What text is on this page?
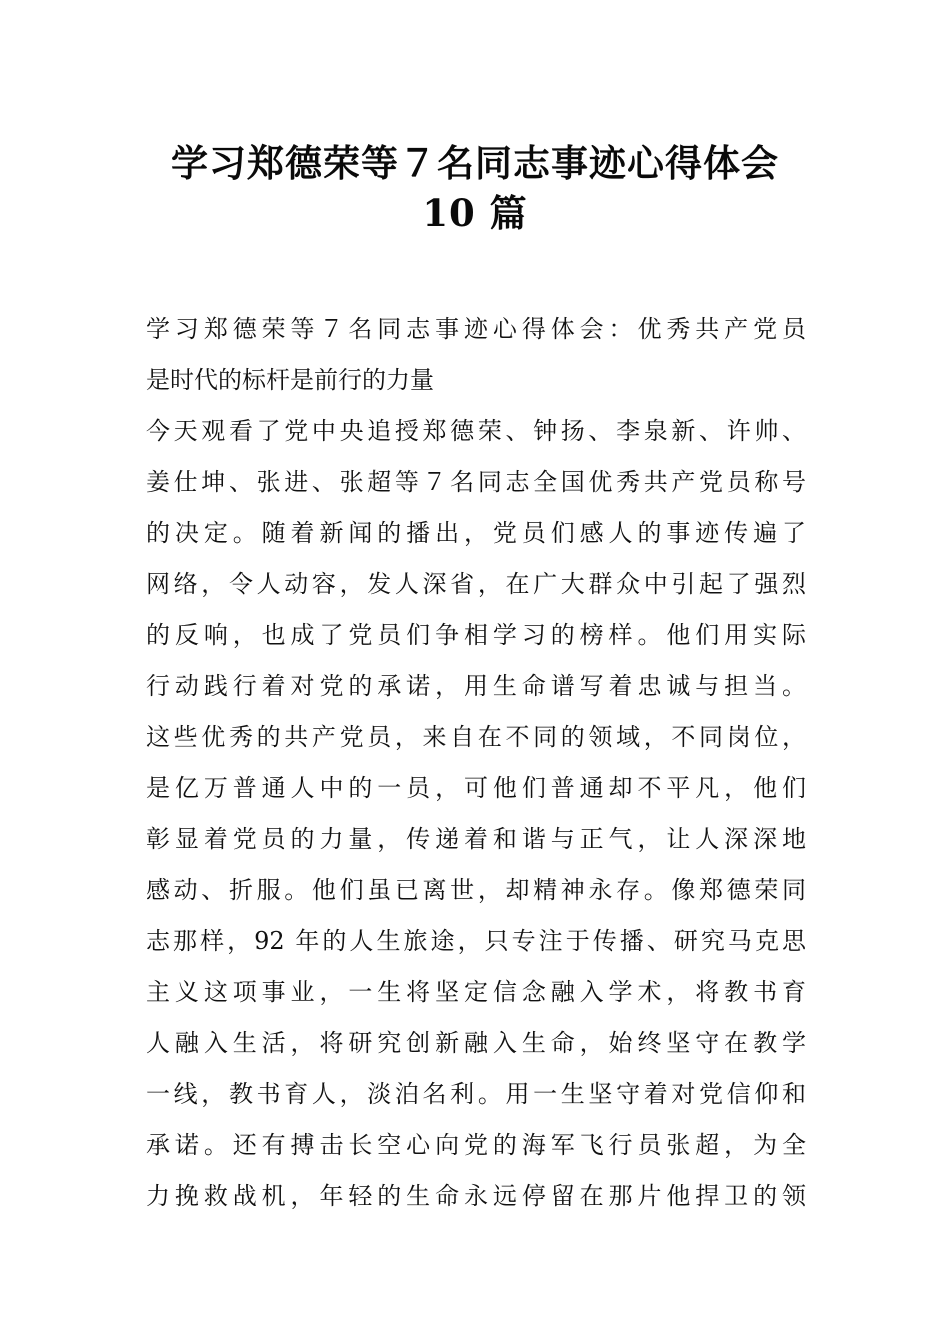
学习郑德荣等７名同志事迹心得体会
10 篇
学习郑德荣等７名同志事迹心得体会：优秀共产党员
是时代的标杆是前行的力量
今天观看了党中央追授郑德荣、钟扬、李泉新、许帅、
姜仕坤、张进、张超等７名同志全国优秀共产党员称号
的决定。随着新闻的播出，党员们感人的事迹传遍了
网络，令人动容，发人深省，在广大群众中引起了强烈
的反响，也成了党员们争相学习的榜样。他们用实际
行动践行着对党的承诺，用生命谱写着忠诚与担当。
这些优秀的共产党员，来自在不同的领域，不同岗位，
是亿万普通人中的一员，可他们普通却不平凡，他们
彰显着党员的力量，传递着和谐与正气，让人深深地
感动、折服。他们虽已离世，却精神永存。像郑德荣同
志那样，92 年的人生旅途，只专注于传播、研究马克思
主义这项事业，一生将坚定信念融入学术，将教书育
人融入生活，将研究创新融入生命，始终坚守在教学
一线，教书育人，淡泊名利。用一生坚守着对党信仰和
承诺。还有搏击长空心向党的海军飞行员张超，为全
力挽救战机，年轻的生命永远停留在那片他捍卫的领
